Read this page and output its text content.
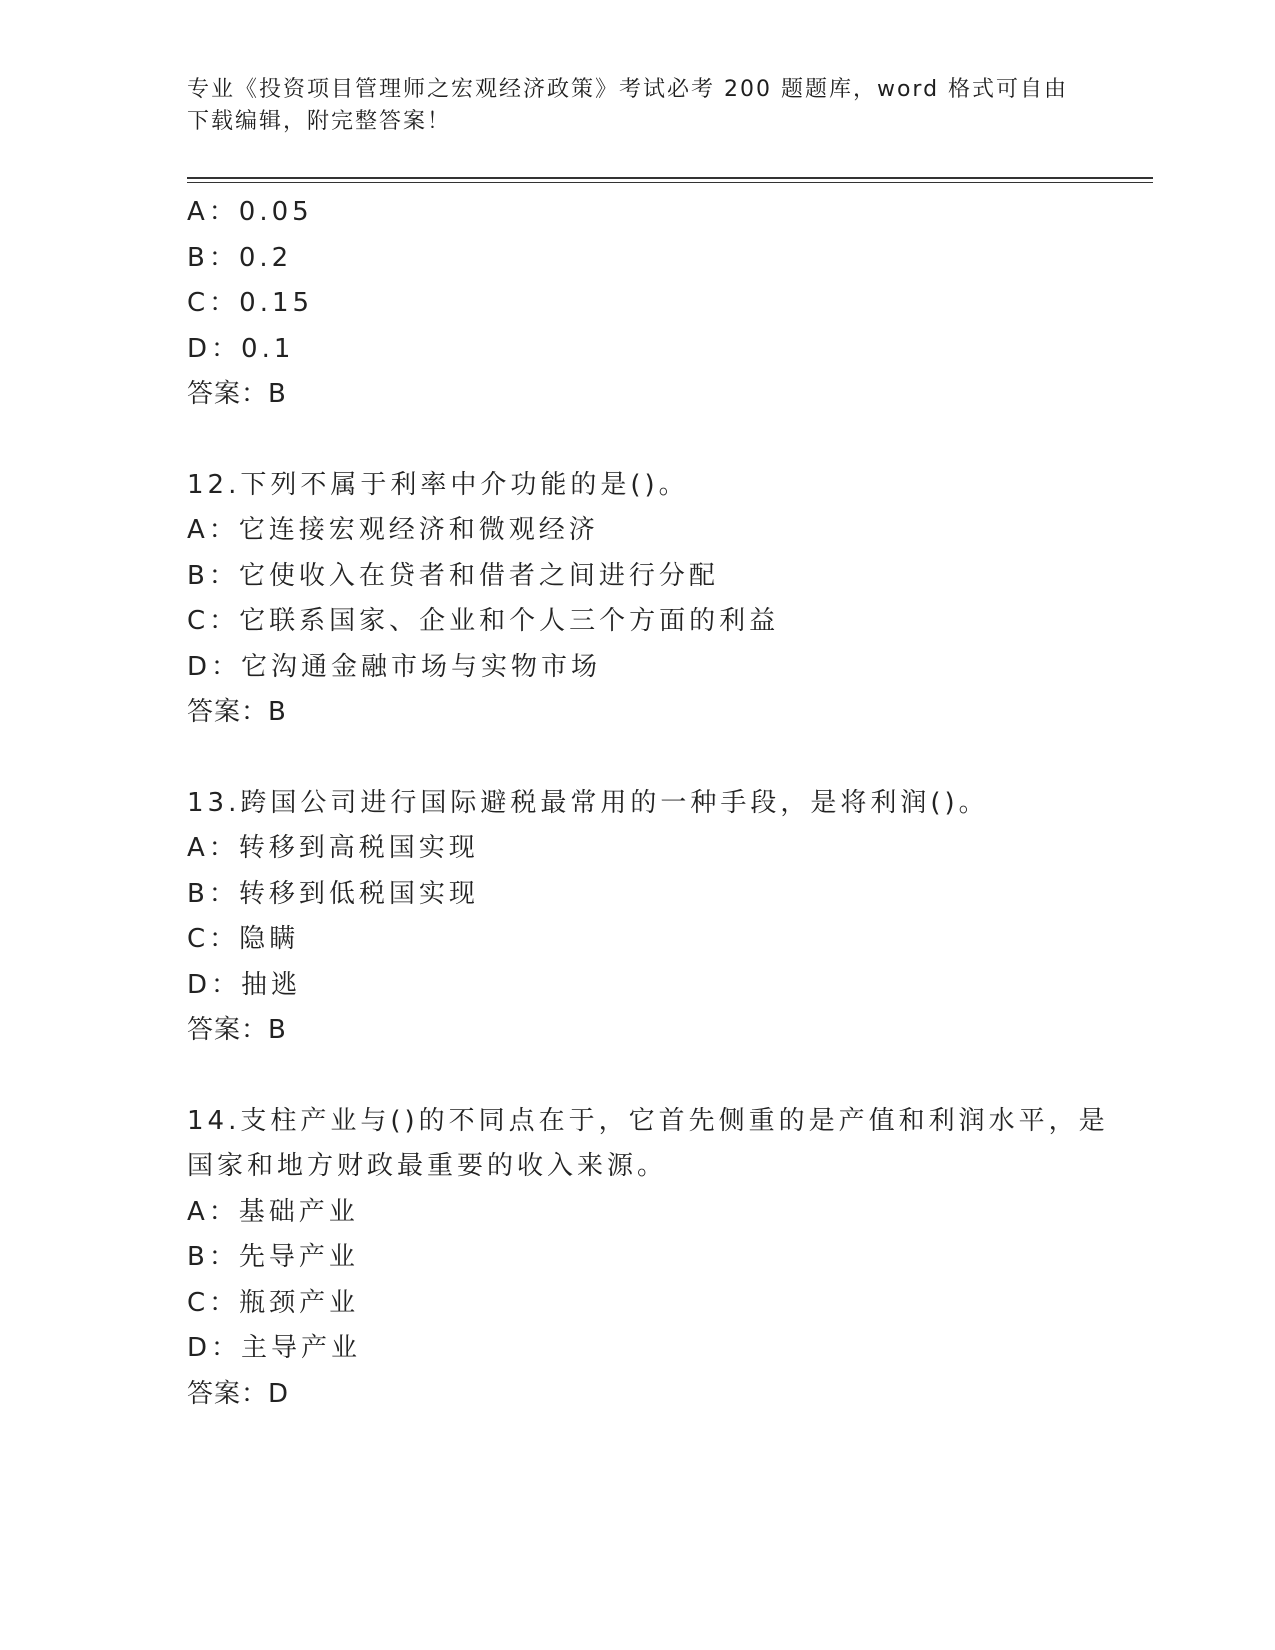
专业《投资项目管理师之宏观经济政策》考试必考 200 题题库，word 格式可自由
下载编辑，附完整答案！
A：0.05
B：0.2
C：0.15
D：0.1
答案：B
12.下列不属于利率中介功能的是()。
A：它连接宏观经济和微观经济
B：它使收入在贷者和借者之间进行分配
C：它联系国家、企业和个人三个方面的利益
D：它沟通金融市场与实物市场
答案：B
13.跨国公司进行国际避税最常用的一种手段，是将利润()。
A：转移到高税国实现
B：转移到低税国实现
C：隐瞒
D：抽逃
答案：B
14.支柱产业与()的不同点在于，它首先侧重的是产值和利润水平，是
国家和地方财政最重要的收入来源。
A：基础产业
B：先导产业
C：瓶颈产业
D：主导产业
答案：D
